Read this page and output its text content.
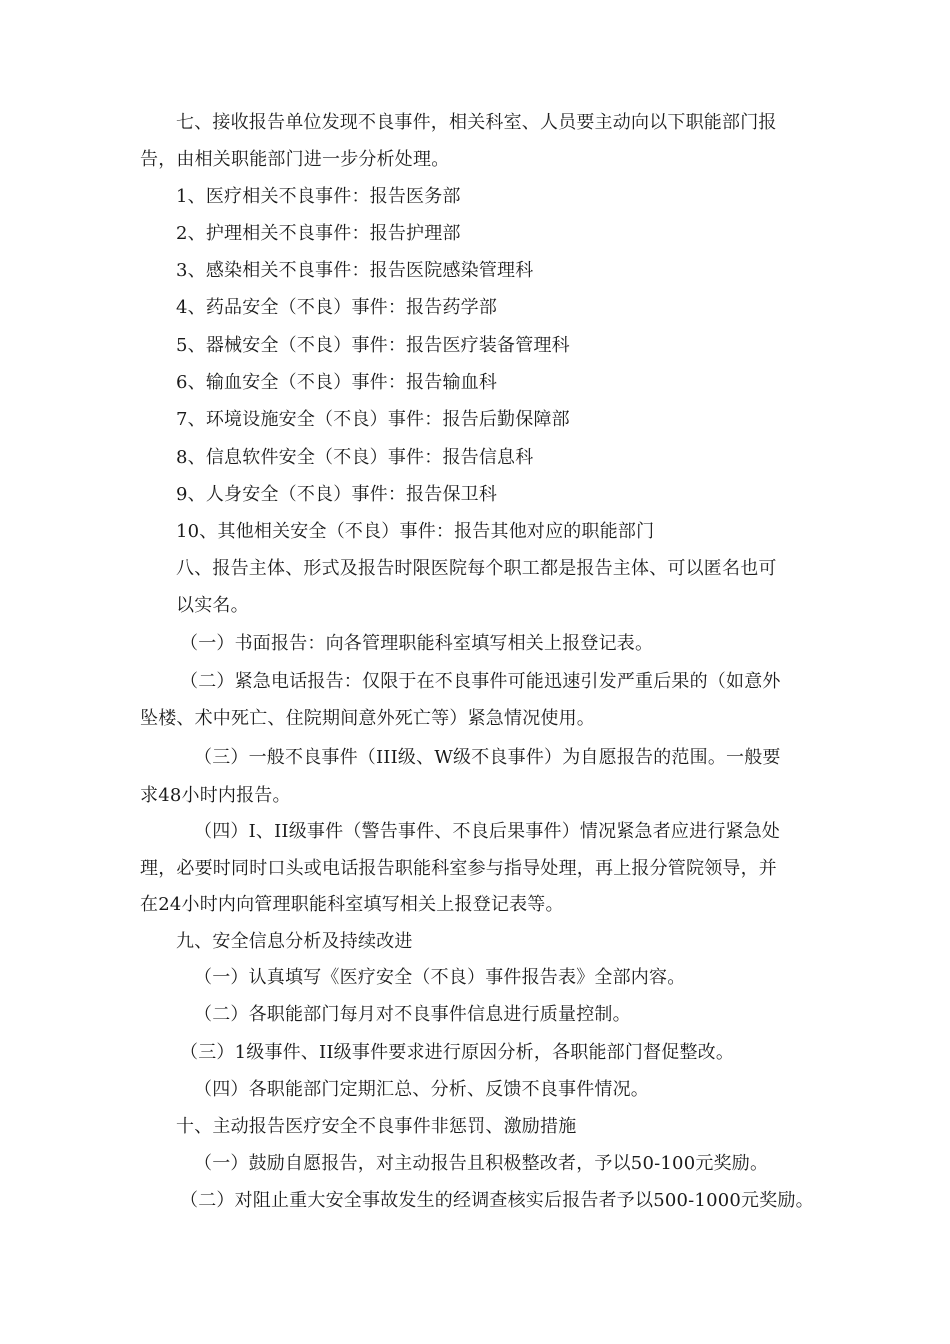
七、接收报告单位发现不良事件，相关科室、人员要主动向以下职能部门报
告，由相关职能部门进一步分析处理。
1、医疗相关不良事件：报告医务部
2、护理相关不良事件：报告护理部
3、感染相关不良事件：报告医院感染管理科
4、药品安全（不良）事件：报告药学部
5、器械安全（不良）事件：报告医疗装备管理科
6、输血安全（不良）事件：报告输血科
7、环境设施安全（不良）事件：报告后勤保障部
8、信息软件安全（不良）事件：报告信息科
9、人身安全（不良）事件：报告保卫科
10、其他相关安全（不良）事件：报告其他对应的职能部门
八、报告主体、形式及报告时限医院每个职工都是报告主体、可以匿名也可
以实名。
（一）书面报告：向各管理职能科室填写相关上报登记表。
（二）紧急电话报告：仅限于在不良事件可能迅速引发严重后果的（如意外
坠楼、术中死亡、住院期间意外死亡等）紧急情况使用。
（三）一般不良事件（III级、W级不良事件）为自愿报告的范围。一般要
求48小时内报告。
（四）I、II级事件（警告事件、不良后果事件）情况紧急者应进行紧急处
理，必要时同时口头或电话报告职能科室参与指导处理，再上报分管院领导，并
在24小时内向管理职能科室填写相关上报登记表等。
九、安全信息分析及持续改进
（一）认真填写《医疗安全（不良）事件报告表》全部内容。
（二）各职能部门每月对不良事件信息进行质量控制。
（三）1级事件、II级事件要求进行原因分析，各职能部门督促整改。
（四）各职能部门定期汇总、分析、反馈不良事件情况。
十、主动报告医疗安全不良事件非惩罚、激励措施
（一）鼓励自愿报告，对主动报告且积极整改者，予以50-100元奖励。
（二）对阻止重大安全事故发生的经调查核实后报告者予以500-1000元奖励。
